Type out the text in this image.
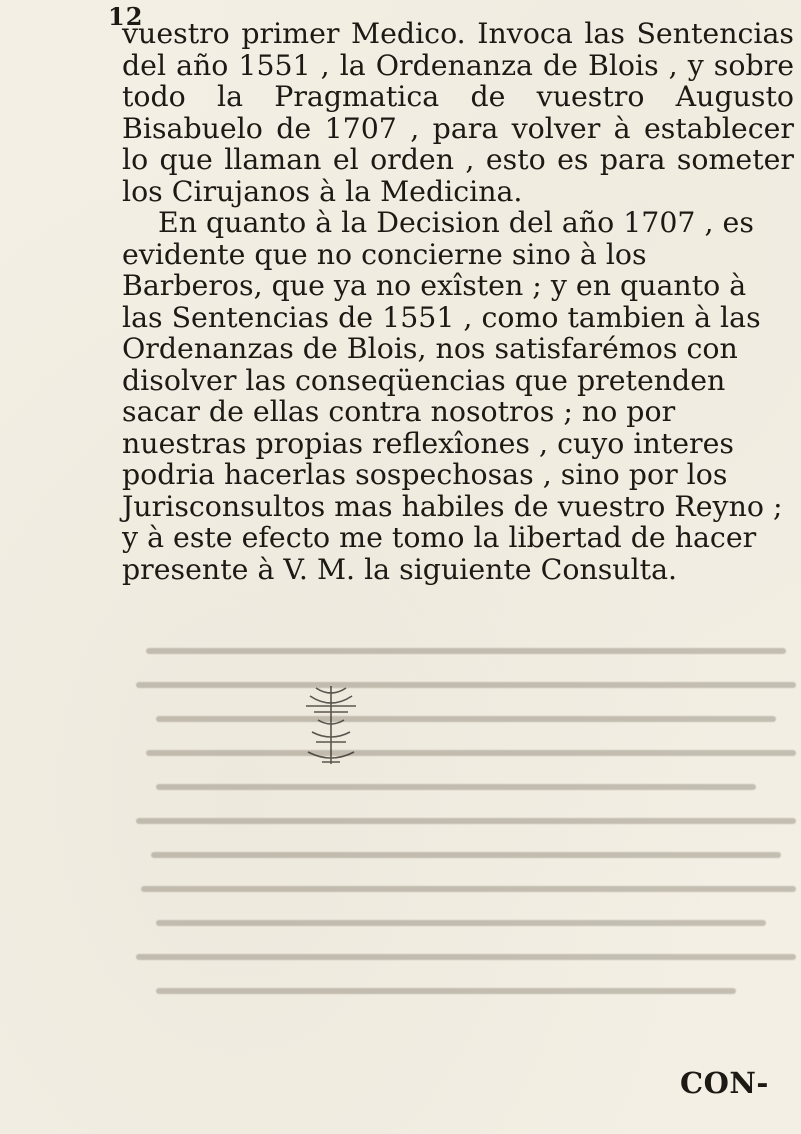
12

vuestro primer Medico. Invoca las Sentencias del año 1551 , la Ordenanza de Blois , y sobre todo la Pragmatica de vuestro Augusto Bisabuelo de 1707 , para volver à establecer lo que llaman el orden , esto es para someter los Cirujanos à la Medicina.

En quanto à la Decision del año 1707 , es evidente que no concierne sino à los Barberos, que ya no exîsten ; y en quanto à las Sentencias de 1551 , como tambien à las Ordenanzas de Blois, nos satisfarémos con disolver las conseqüencias que pretenden sacar de ellas contra nosotros ; no por nuestras propias reflexîones , cuyo interes podria hacerlas sospechosas , sino por los Jurisconsultos mas habiles de vuestro Reyno ; y à este efecto me tomo la libertad de hacer presente à V. M. la siguiente Consulta.

CON-
